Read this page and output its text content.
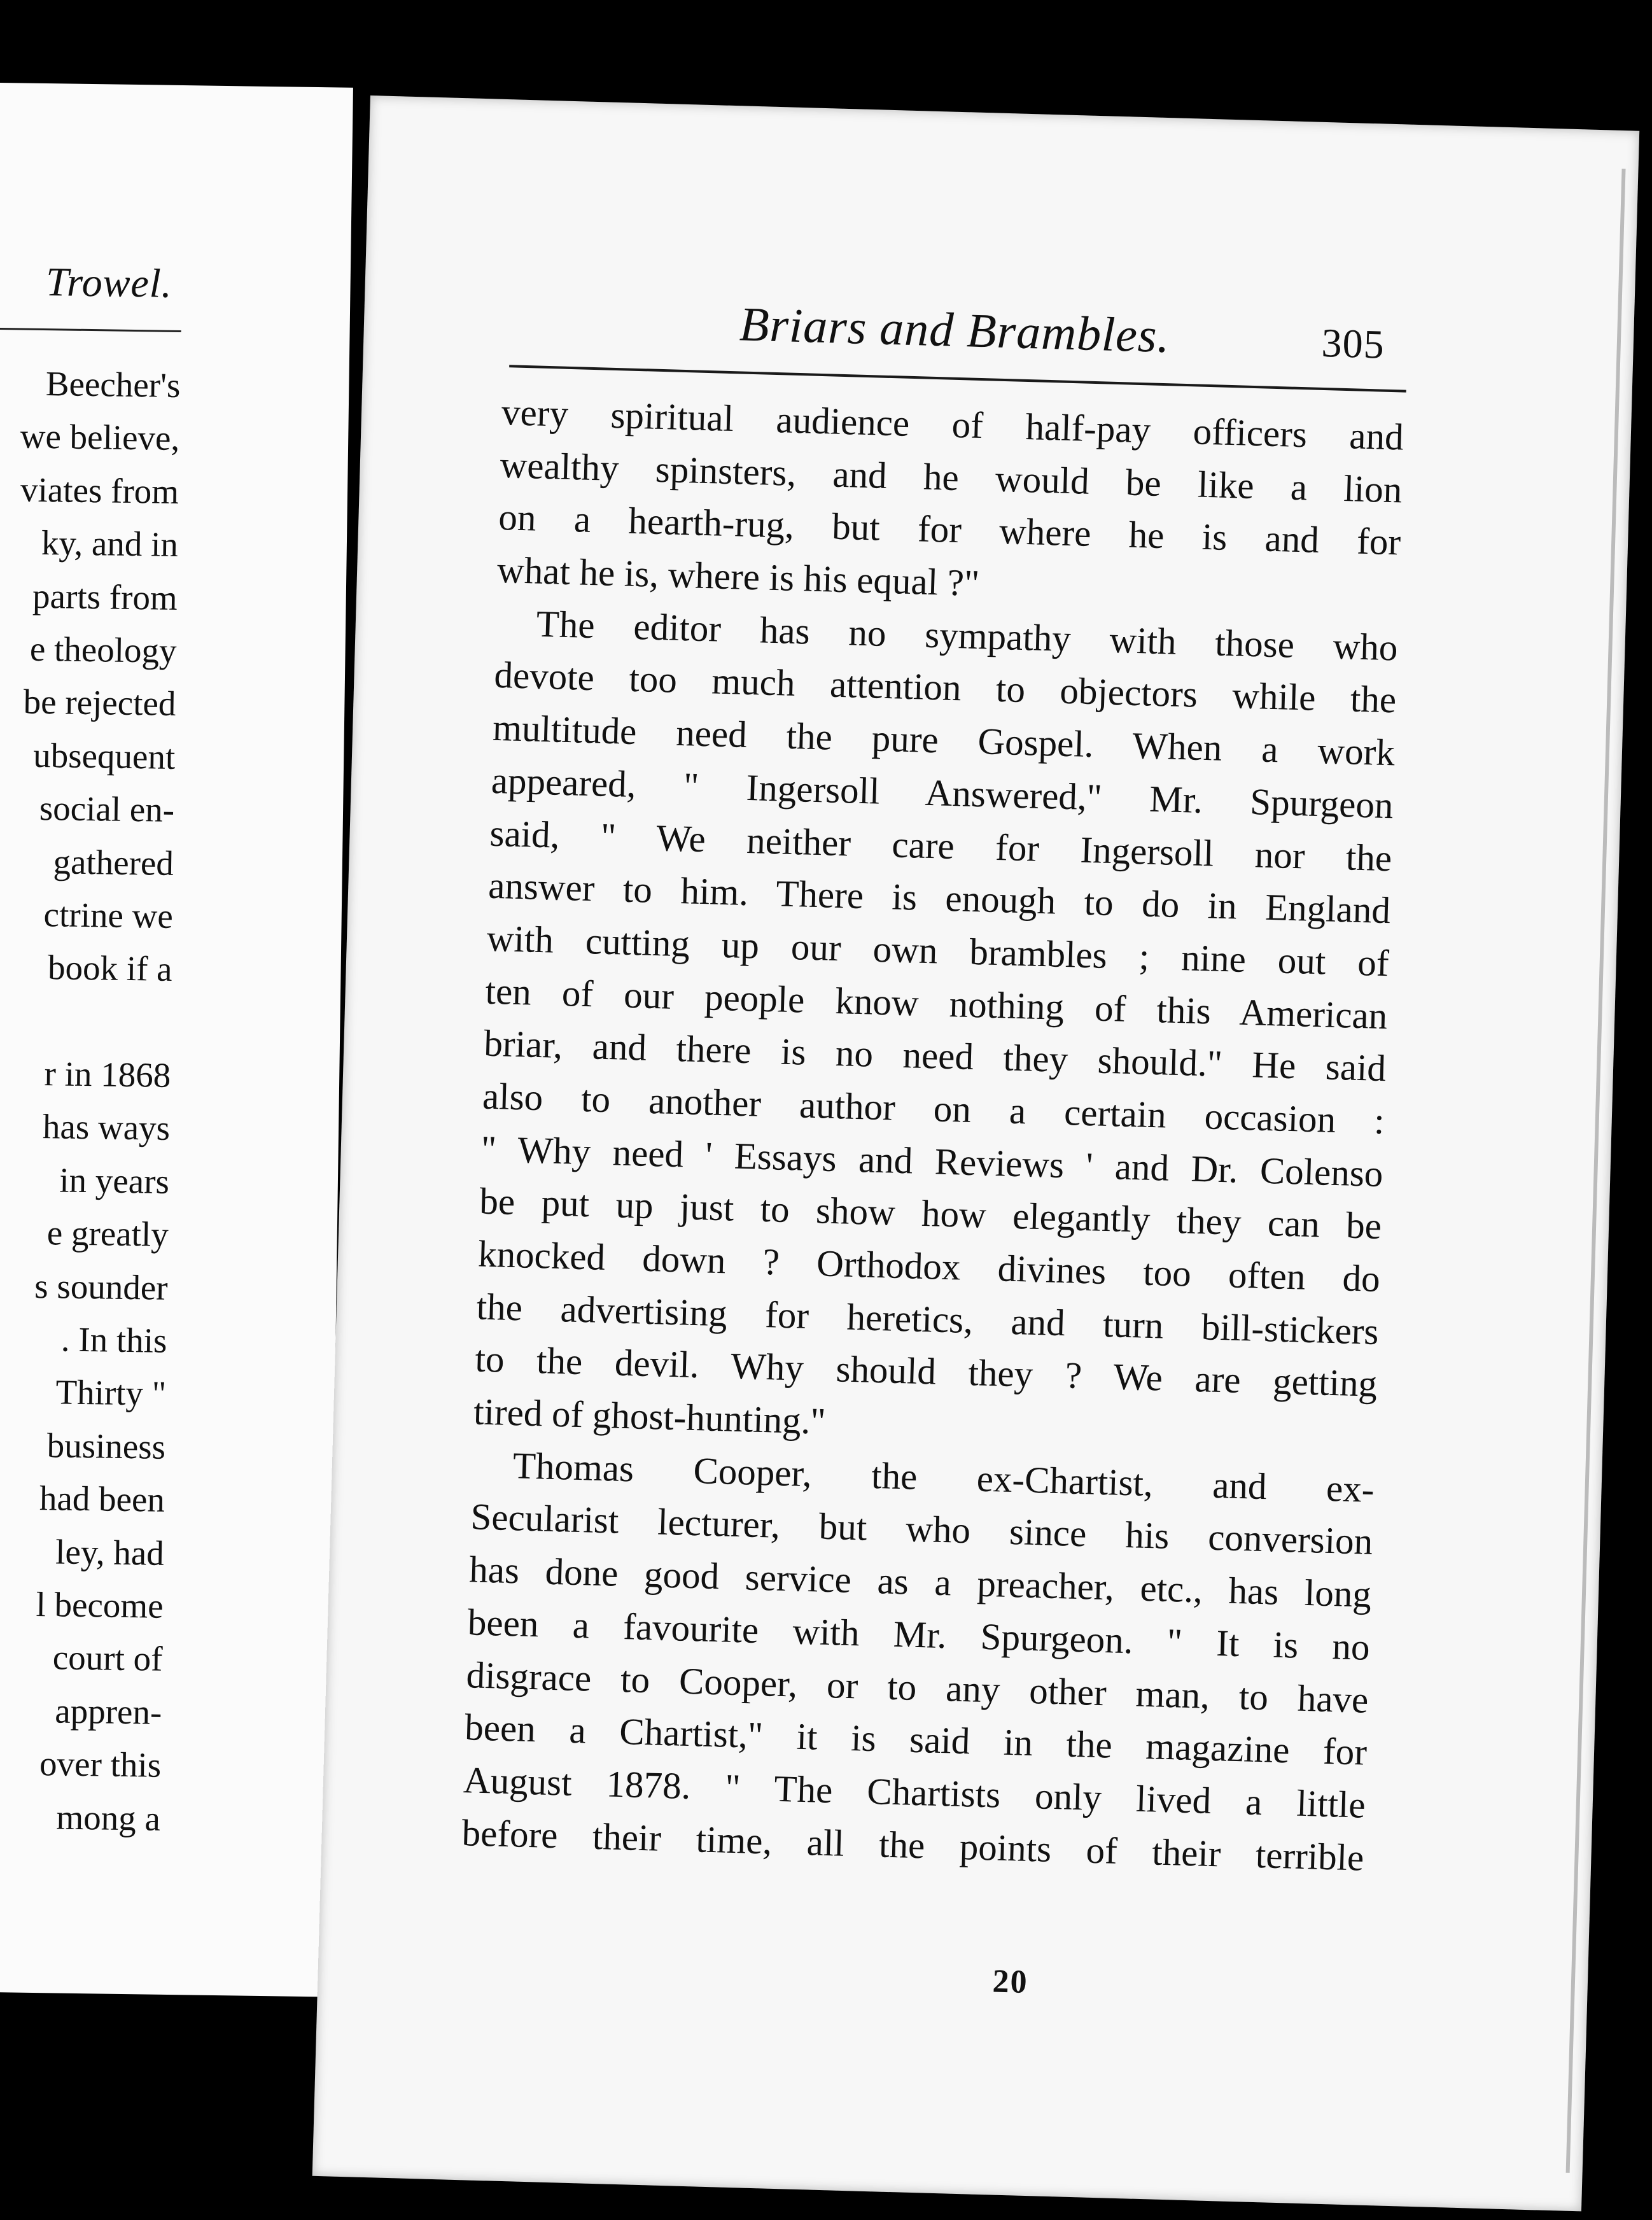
Trowel.
Beecher's
we believe,
viates from
ky, and in
parts from
e theology
be rejected
ubsequent
social en-
gathered
ctrine we
book if a
r in 1868
has ways
in years
e greatly
s sounder
. In this
Thirty "
business
had been
ley, had
l become
court of
appren-
over this
mong a
Briars and Brambles.	305
very spiritual audience of half-pay officers and
wealthy spinsters, and he would be like a lion
on a hearth-rug, but for where he is and for
what he is, where is his equal ?"
The editor has no sympathy with those who
devote too much attention to objectors while the
multitude need the pure Gospel. When a work
appeared, " Ingersoll Answered," Mr. Spurgeon
said, " We neither care for Ingersoll nor the
answer to him. There is enough to do in England
with cutting up our own brambles ; nine out of
ten of our people know nothing of this American
briar, and there is no need they should." He said
also to another author on a certain occasion :
" Why need ' Essays and Reviews ' and Dr. Colenso
be put up just to show how elegantly they can be
knocked down ? Orthodox divines too often do
the advertising for heretics, and turn bill-stickers
to the devil. Why should they ? We are getting
tired of ghost-hunting."
Thomas Cooper, the ex-Chartist, and ex-
Secularist lecturer, but who since his conversion
has done good service as a preacher, etc., has long
been a favourite with Mr. Spurgeon. " It is no
disgrace to Cooper, or to any other man, to have
been a Chartist," it is said in the magazine for
August 1878. " The Chartists only lived a little
before their time, all the points of their terrible
20
